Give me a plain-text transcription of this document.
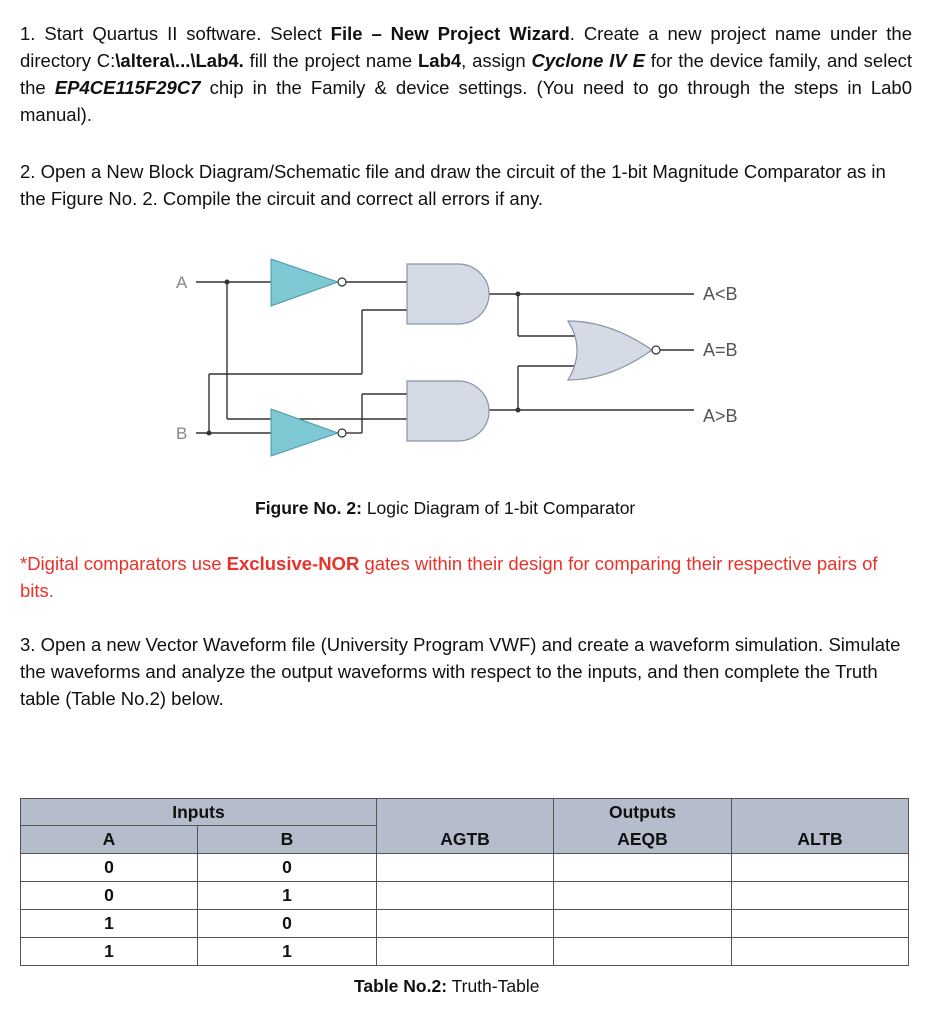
1. Start Quartus II software. Select File – New Project Wizard. Create a new project name under the directory C:\altera\...\Lab4. fill the project name Lab4, assign Cyclone IV E for the device family, and select the EP4CE115F29C7 chip in the Family & device settings. (You need to go through the steps in Lab0 manual).
2. Open a New Block Diagram/Schematic file and draw the circuit of the 1-bit Magnitude Comparator as in the Figure No. 2. Compile the circuit and correct all errors if any.
A
B
A<B
A=B
A>B
Figure No. 2: Logic Diagram of 1-bit Comparator
*Digital comparators use Exclusive-NOR gates within their design for comparing their respective pairs of bits.
3. Open a new Vector Waveform file (University Program VWF) and create a waveform simulation. Simulate the waveforms and analyze the output waveforms with respect to the inputs, and then complete the Truth table (Table No.2) below.
Inputs			Outputs	
A	B	AGTB	AEQB	ALTB
0	0			
0	1			
1	0			
1	1			
Table No.2: Truth-Table
